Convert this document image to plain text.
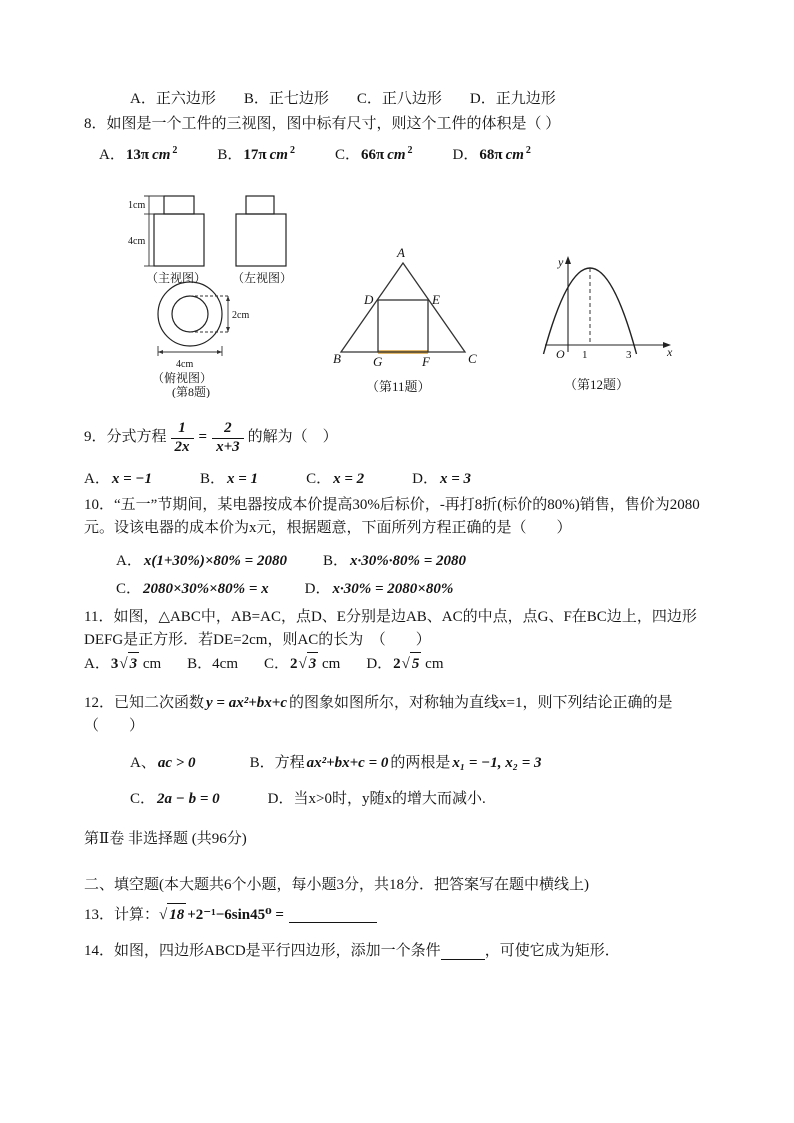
A．正六边形 B．正七边形 C．正八边形 D．正九边形
8．如图是一个工件的三视图，图中标有尺寸，则这个工件的体积是（ ）
A．13π cm $^2$	B．17π cm $^2$	C．66π cm $^2$	D．68π cm $^2$
1cm
4cm
（主视图） （左视图）
2cm
4cm
（俯视图）
(第8题)
A
D	E
B G	F	C
（第11题）
y
x
O 1	3
（第12题）
9．分式方程 $\frac{1}{2x} = \frac{2}{x+3}$ 的解为（　）
A． x = −1	B． x = 1	C． x = 2	D． x = 3
10．“五一”节期间，某电器按成本价提高30%后标价，-再打8折(标价的80%)销售，售价为2080元。设该电器的成本价为x元，根据题意，下面所列方程正确的是（　　）
A． x(1+30%)×80% = 2080 B． x·30%·80% = 2080
C． 2080×30%×80% = x D． x·30% = 2080×80%
11．如图，△ABC中，AB=AC，点D、E分别是边AB、AC的中点，点G、F在BC边上，四边形DEFG是正方形．若DE=2cm，则AC的长为　（　　）
A．3√ 3 cm B．4cm C．2√ 3 cm D．2√ 5 cm
12．已知二次函数 y = ax²+bx+c 的图象如图所尔，对称轴为直线x=1，则下列结论正确的是（　　）
A、 ac > 0	B．方程 ax²+bx+c = 0 的两根是 x₁ = −1, x₂ = 3
C． 2a − b = 0	D．当x>0时，y随x的增大而减小.
第Ⅱ卷 非选择题 (共96分)
二、填空题(本大题共6个小题，每小题3分，共18分．把答案写在题中横线上)
13．计算： √ 18 +2⁻¹−6sin45⁰ =
14．如图，四边形ABCD是平行四边形，添加一个条件	，可使它成为矩形．
